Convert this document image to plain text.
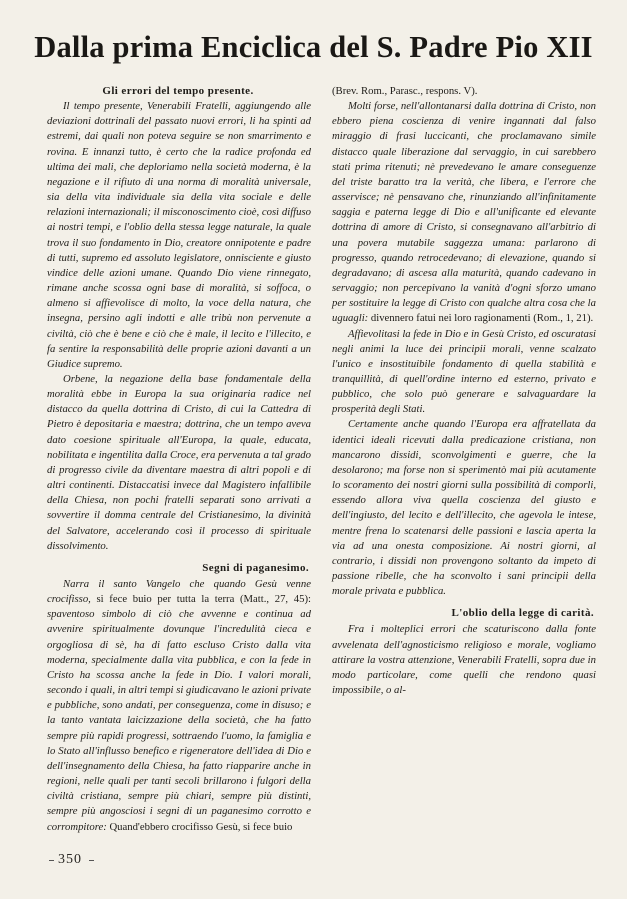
Dalla prima Enciclica del S. Padre Pio XII
Gli errori del tempo presente.

Il tempo presente, Venerabili Fratelli, aggiungendo alle deviazioni dottrinali del passato nuovi errori, li ha spinti ad estremi, dai quali non poteva seguire se non smarrimento e rovina. E innanzi tutto, è certo che la radice profonda ed ultima dei mali, che deploriamo nella società moderna, è la negazione e il rifiuto di una norma di moralità universale, sia della vita individuale sia della vita sociale e delle relazioni internazionali; il misconoscimento cioè, così diffuso ai nostri tempi, e l'oblio della stessa legge naturale, la quale trova il suo fondamento in Dio, creatore onnipotente e padre di tutti, supremo ed assoluto legislatore, onnisciente e giusto vindice delle azioni umane. Quando Dio viene rinnegato, rimane anche scossa ogni base di moralità, si soffoca, o almeno si affievolisce di molto, la voce della natura, che insegna, persino agli indotti e alle tribù non pervenute a civiltà, ciò che è bene e ciò che è male, il lecito e l'illecito, e fa sentire la responsabilità delle proprie azioni davanti a un Giudice supremo.

Orbene, la negazione della base fondamentale della moralità ebbe in Europa la sua originaria radice nel distacco da quella dottrina di Cristo, di cui la Cattedra di Pietro è depositaria e maestra; dottrina, che un tempo aveva dato coesione spirituale all'Europa, la quale, educata, nobilitata e ingentilita dalla Croce, era pervenuta a tal grado di progresso civile da diventare maestra di altri popoli e di altri continenti. Distaccatisi invece dal Magistero infallibile della Chiesa, non pochi fratelli separati sono arrivati a sovvertire il domma centrale del Cristianesimo, la divinità del Salvatore, accelerando così il processo di spirituale dissolvimento.

Segni di paganesimo.

Narra il santo Vangelo che quando Gesù venne crocifisso, si fece buio per tutta la terra (Matt., 27, 45): spaventoso simbolo di ciò che avvenne e continua ad avvenire spiritualmente dovunque l'incredulità cieca e orgogliosa di sè, ha di fatto escluso Cristo dalla vita moderna, specialmente dalla vita pubblica, e con la fede in Cristo ha scossa anche la fede in Dio. I valori morali, secondo i quali, in altri tempi si giudicavano le azioni private e pubbliche, sono andati, per conseguenza, come in disuso; e la tanto vantata laicizzazione della società, che ha fatto sempre più rapidi progressi, sottraendo l'uomo, la famiglia e lo Stato all'influsso benefico e rigeneratore dell'idea di Dio e dell'insegnamento della Chiesa, ha fatto riapparire anche in regioni, nelle quali per tanti secoli brillarono i fulgori della civiltà cristiana, sempre più chiari, sempre più distinti, sempre più angosciosi i segni di un paganesimo corrotto e corrompitore: Quand'ebbero crocifisso Gesù, si fece buio

(Brev. Rom., Parasc., respons. V).

Molti forse, nell'allontanarsi dalla dottrina di Cristo, non ebbero piena coscienza di venire ingannati dal falso miraggio di frasi luccicanti, che proclamavano simile distacco quale liberazione dal servaggio, in cui sarebbero stati prima ritenuti; nè prevedevano le amare conseguenze del triste baratto tra la verità, che libera, e l'errore che asservisce; nè pensavano che, rinunziando all'infinitamente saggia e paterna legge di Dio e all'unificante ed elevante dottrina di amore di Cristo, si consegnavano all'arbitrio di una povera mutabile saggezza umana: parlarono di progresso, quando retrocedevano; di elevazione, quando si degradavano; di ascesa alla maturità, quando cadevano in servaggio; non percepivano la vanità d'ogni sforzo umano per sostituire la legge di Cristo con qualche altra cosa che la uguagli: divennero fatui nei loro ragionamenti (Rom., 1, 21).

Affievolitasi la fede in Dio e in Gesù Cristo, ed oscuratasi negli animi la luce dei principii morali, venne scalzato l'unico e insostituibile fondamento di quella stabilità e tranquillità, di quell'ordine interno ed esterno, privato e pubblico, che solo può generare e salvaguardare la prosperità degli Stati.

Certamente anche quando l'Europa era affratellata da identici ideali ricevuti dalla predicazione cristiana, non mancarono dissidi, sconvolgimenti e guerre, che la desolarono; ma forse non si sperimentò mai più acutamente lo scoramento dei nostri giorni sulla possibilità di comporli, essendo allora viva quella coscienza del giusto e dell'ingiusto, del lecito e dell'illecito, che agevola le intese, mentre frena lo scatenarsi delle passioni e lascia aperta la via ad una onesta composizione. Ai nostri giorni, al contrario, i dissidi non provengono soltanto da impeto di passione ribelle, che ha sconvolto i sani principii della morale privata e pubblica.

L'oblio della legge di carità.

Fra i molteplici errori che scaturiscono dalla fonte avvelenata dell'agnosticismo religioso e morale, vogliamo attirare la vostra attenzione, Venerabili Fratelli, sopra due in modo particolare, come quelli che rendono quasi impossibile, o al-

350
